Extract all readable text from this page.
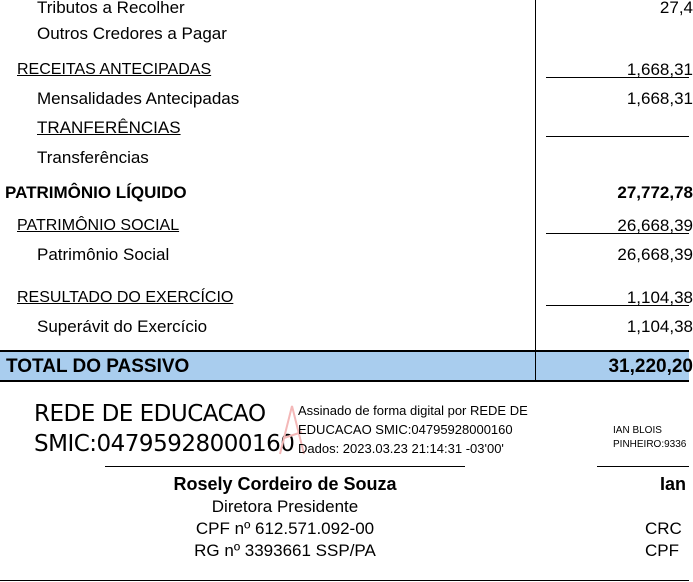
Tributos a Recolher	27,4
Outros Credores a Pagar
RECEITAS ANTECIPADAS	1,668,31
Mensalidades Antecipadas	1,668,31
TRANFERÊNCIAS
Transferências
PATRIMÔNIO LÍQUIDO	27,772,78
PATRIMÔNIO SOCIAL	26,668,39
Patrimônio Social	26,668,39
RESULTADO DO EXERCÍCIO	1,104,38
Superávit do Exercício	1,104,38
TOTAL DO PASSIVO	31,220,20
REDE DE EDUCACAO
SMIC:04795928000160
Assinado de forma digital por REDE DE
EDUCACAO SMIC:04795928000160
Dados: 2023.03.23 21:14:31 -03'00'
Rosely Cordeiro de Souza
Diretora Presidente
CPF nº 612.571.092-00
RG nº 3393661 SSP/PA
IAN BLOIS
PINHEIRO:9336
Ian
CRC
CPF
